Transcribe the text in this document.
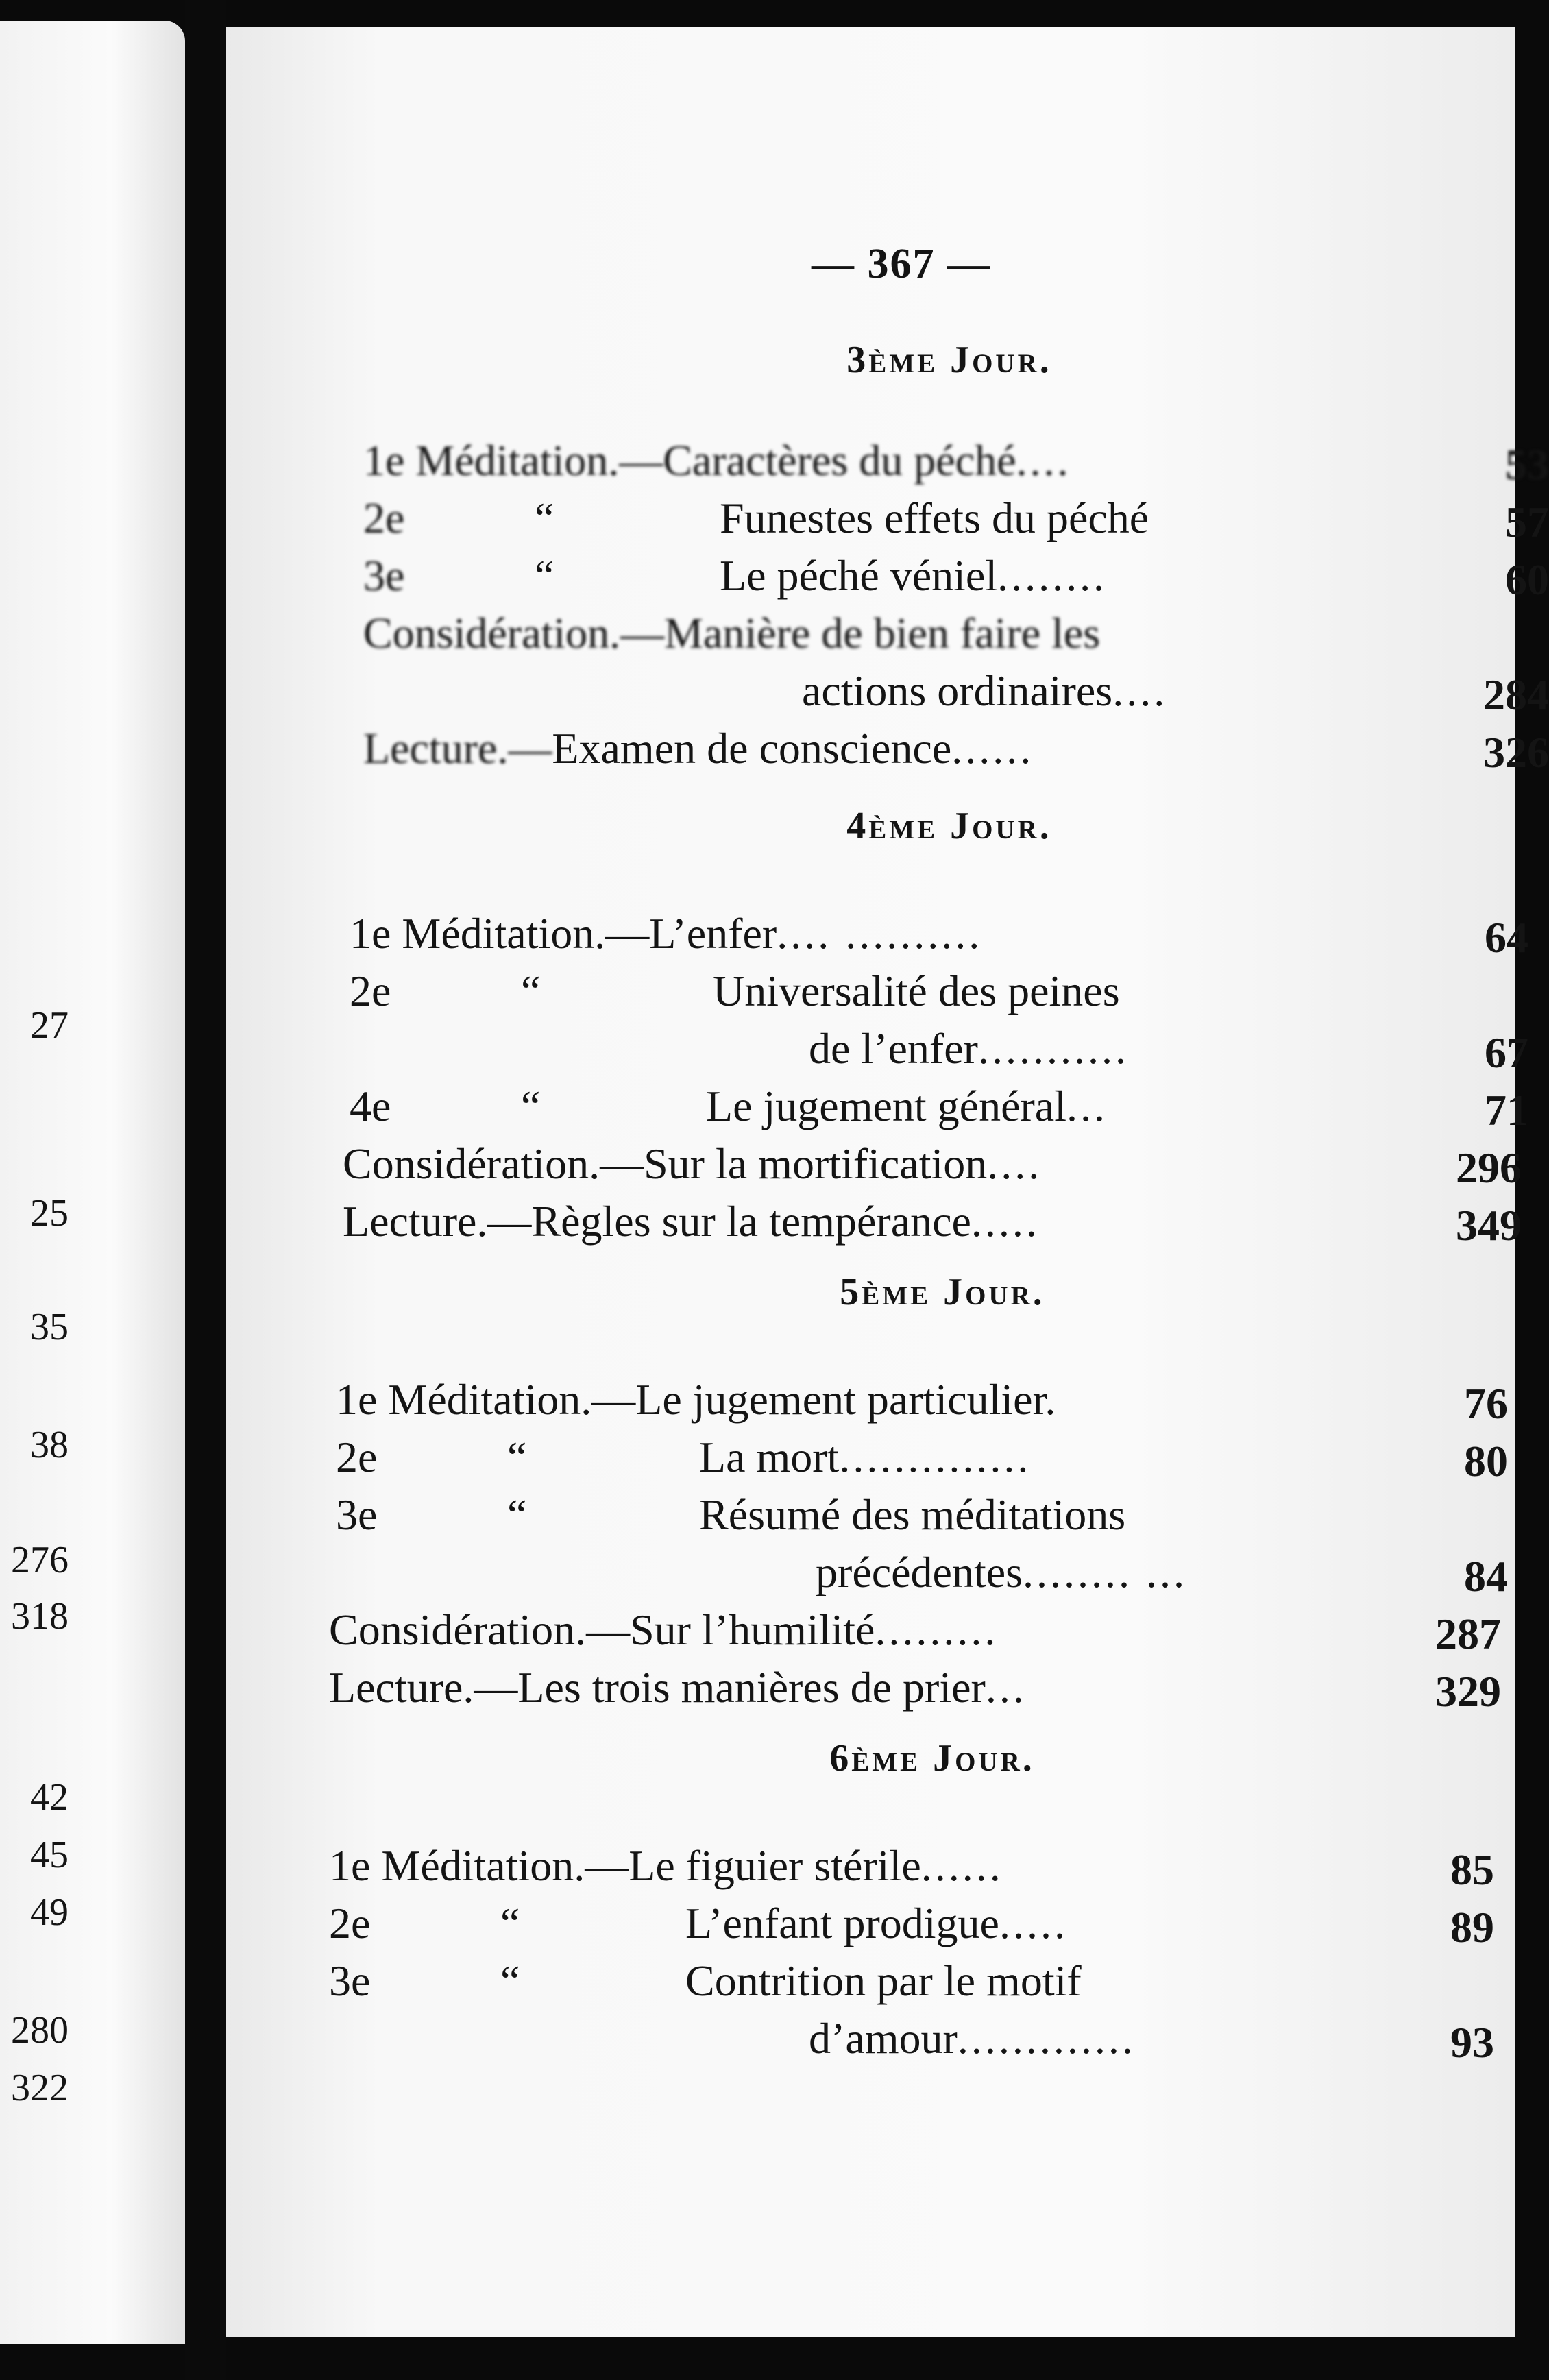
27
25
35
38
276
318
42
45
49
280
322
— 367 —
3ème Jour.
1e Méditation.—Caractères du péché....	53
2e	“	Funestes effets du péché	57
3e	“	Le péché véniel........	60
Considération.—Manière de bien faire les
actions ordinaires....	284
Lecture.—Examen de conscience......	326
4ème Jour.
1e Méditation.—L’enfer.... ..........	64
2e	“	Universalité des peines
de l’enfer...........	67
4e	“	Le jugement général...	71
Considération.—Sur la mortification....	296
Lecture.—Règles sur la tempérance.....	349
5ème Jour.
1e Méditation.—Le jugement particulier.	76
2e	“	La mort..............	80
3e	“	Résumé des méditations
précédentes........ ...	84
Considération.—Sur l’humilité.........	287
Lecture.—Les trois manières de prier...	329
6ème Jour.
1e Méditation.—Le figuier stérile......	85
2e	“	L’enfant prodigue.....	89
3e	“	Contrition par le motif
d’amour.............	93
